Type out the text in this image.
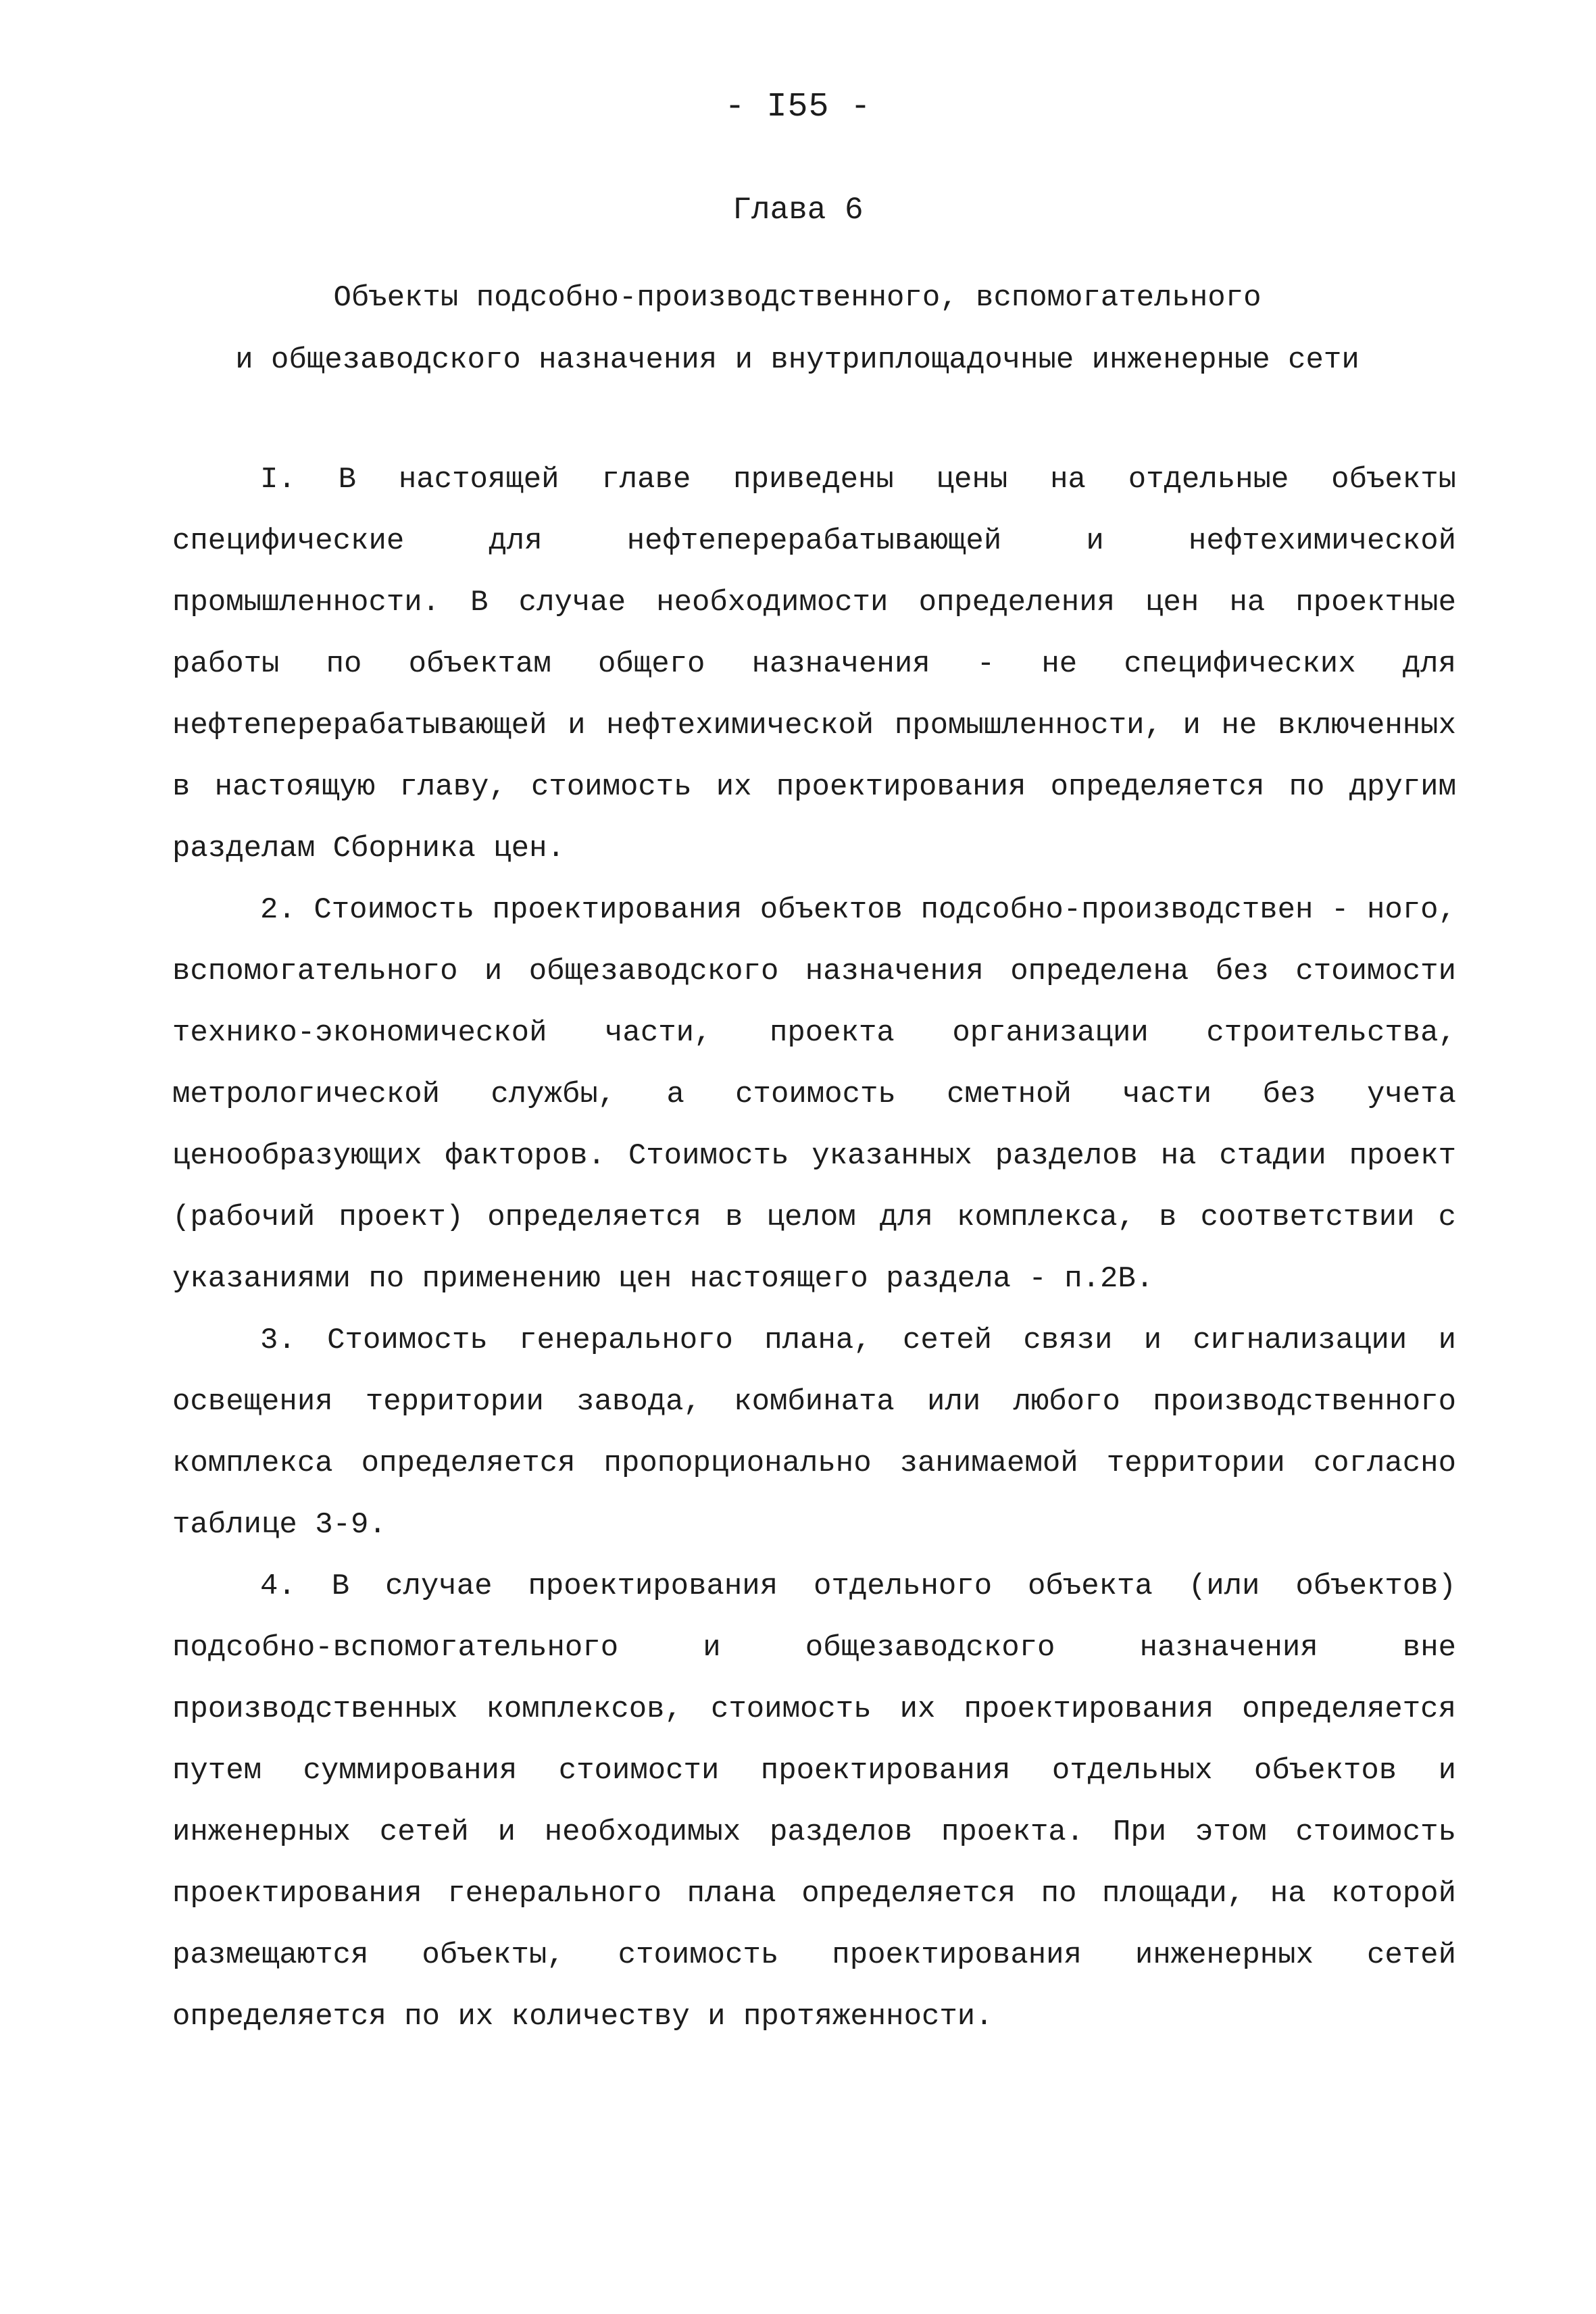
- I55 -
Глава 6
Объекты подсобно-производственного, вспомогательного
и общезаводского назначения и внутриплощадочные инженерные сети

I. В настоящей главе приведены цены на отдельные объекты специфические для нефтеперерабатывающей и нефтехимической промышленности. В случае необходимости определения цен на проектные работы по объектам общего назначения - не специфических для нефтеперерабатывающей и нефтехимической промышленности, и не включенных в настоящую главу, стоимость их проектирования определяется по другим разделам Сборника цен.

2. Стоимость проектирования объектов подсобно-производствен - ного, вспомогательного и общезаводского назначения определена без стоимости технико-экономической части, проекта организации строительства, метрологической службы, а стоимость сметной части без учета ценообразующих факторов. Стоимость указанных разделов на стадии проект (рабочий проект) определяется в целом для комплекса, в соответствии с указаниями по применению цен настоящего раздела - п.2В.

3. Стоимость генерального плана, сетей связи и сигнализации и освещения территории завода, комбината или любого производственного комплекса определяется пропорционально занимаемой территории согласно таблице 3-9.

4. В случае проектирования отдельного объекта (или объектов) подсобно-вспомогательного и общезаводского назначения вне производственных комплексов, стоимость их проектирования определяется путем суммирования стоимости проектирования отдельных объектов и инженерных сетей и необходимых разделов проекта. При этом стоимость проектирования генерального плана определяется по площади, на которой размещаются объекты, стоимость проектирования инженерных сетей определяется по их количеству и протяженности.
